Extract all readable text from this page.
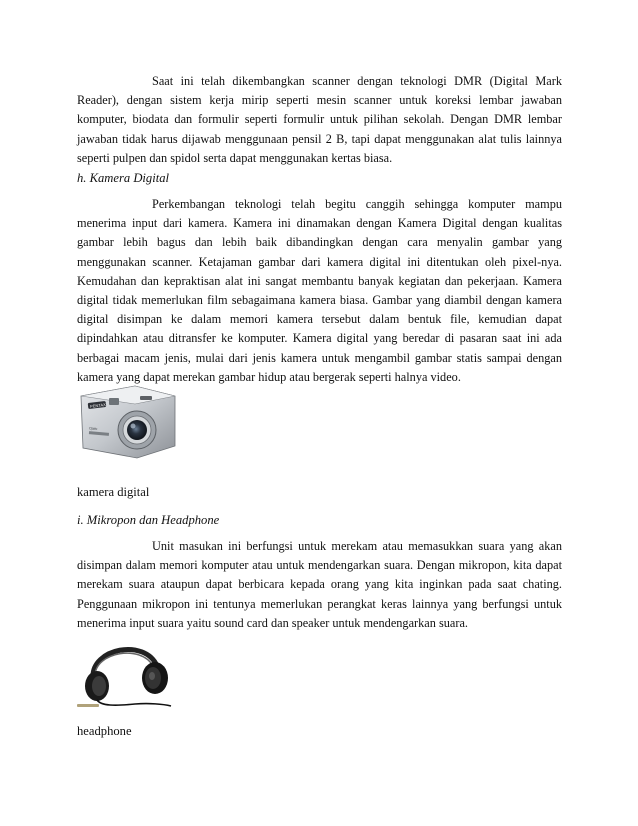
Saat ini telah dikembangkan scanner dengan teknologi DMR (Digital Mark Reader), dengan sistem kerja mirip seperti mesin scanner untuk koreksi lembar jawaban komputer, biodata dan formulir seperti formulir untuk pilihan sekolah. Dengan DMR lembar jawaban tidak harus dijawab menggunaan pensil 2 B, tapi dapat menggunakan alat tulis lainnya seperti pulpen dan spidol serta dapat menggunakan kertas biasa.

h. Kamera Digital

Perkembangan teknologi telah begitu canggih sehingga komputer mampu menerima input dari kamera. Kamera ini dinamakan dengan Kamera Digital dengan kualitas gambar lebih bagus dan lebih baik dibandingkan dengan cara menyalin gambar yang menggunakan scanner. Ketajaman gambar dari kamera digital ini ditentukan oleh pixel-nya. Kemudahan dan kepraktisan alat ini sangat membantu banyak kegiatan dan pekerjaan. Kamera digital tidak memerlukan film sebagaimana kamera biasa. Gambar yang diambil dengan kamera digital disimpan ke dalam memori kamera tersebut dalam bentuk file, kemudian dapat dipindahkan atau ditransfer ke komputer. Kamera digital yang beredar di pasaran saat ini ada berbagai macam jenis, mulai dari jenis kamera untuk mengambil gambar statis sampai dengan kamera yang dapat merekan gambar hidup atau bergerak seperti halnya video.

PENTAX
Optio

kamera digital

i. Mikropon dan Headphone

Unit masukan ini berfungsi untuk merekam atau memasukkan suara yang akan disimpan dalam memori komputer atau untuk mendengarkan suara. Dengan mikropon, kita dapat merekam suara ataupun dapat berbicara kepada orang yang kita inginkan pada saat chating. Penggunaan mikropon ini tentunya memerlukan perangkat keras lainnya yang berfungsi untuk menerima input suara yaitu sound card dan speaker untuk mendengarkan suara.

headphone
